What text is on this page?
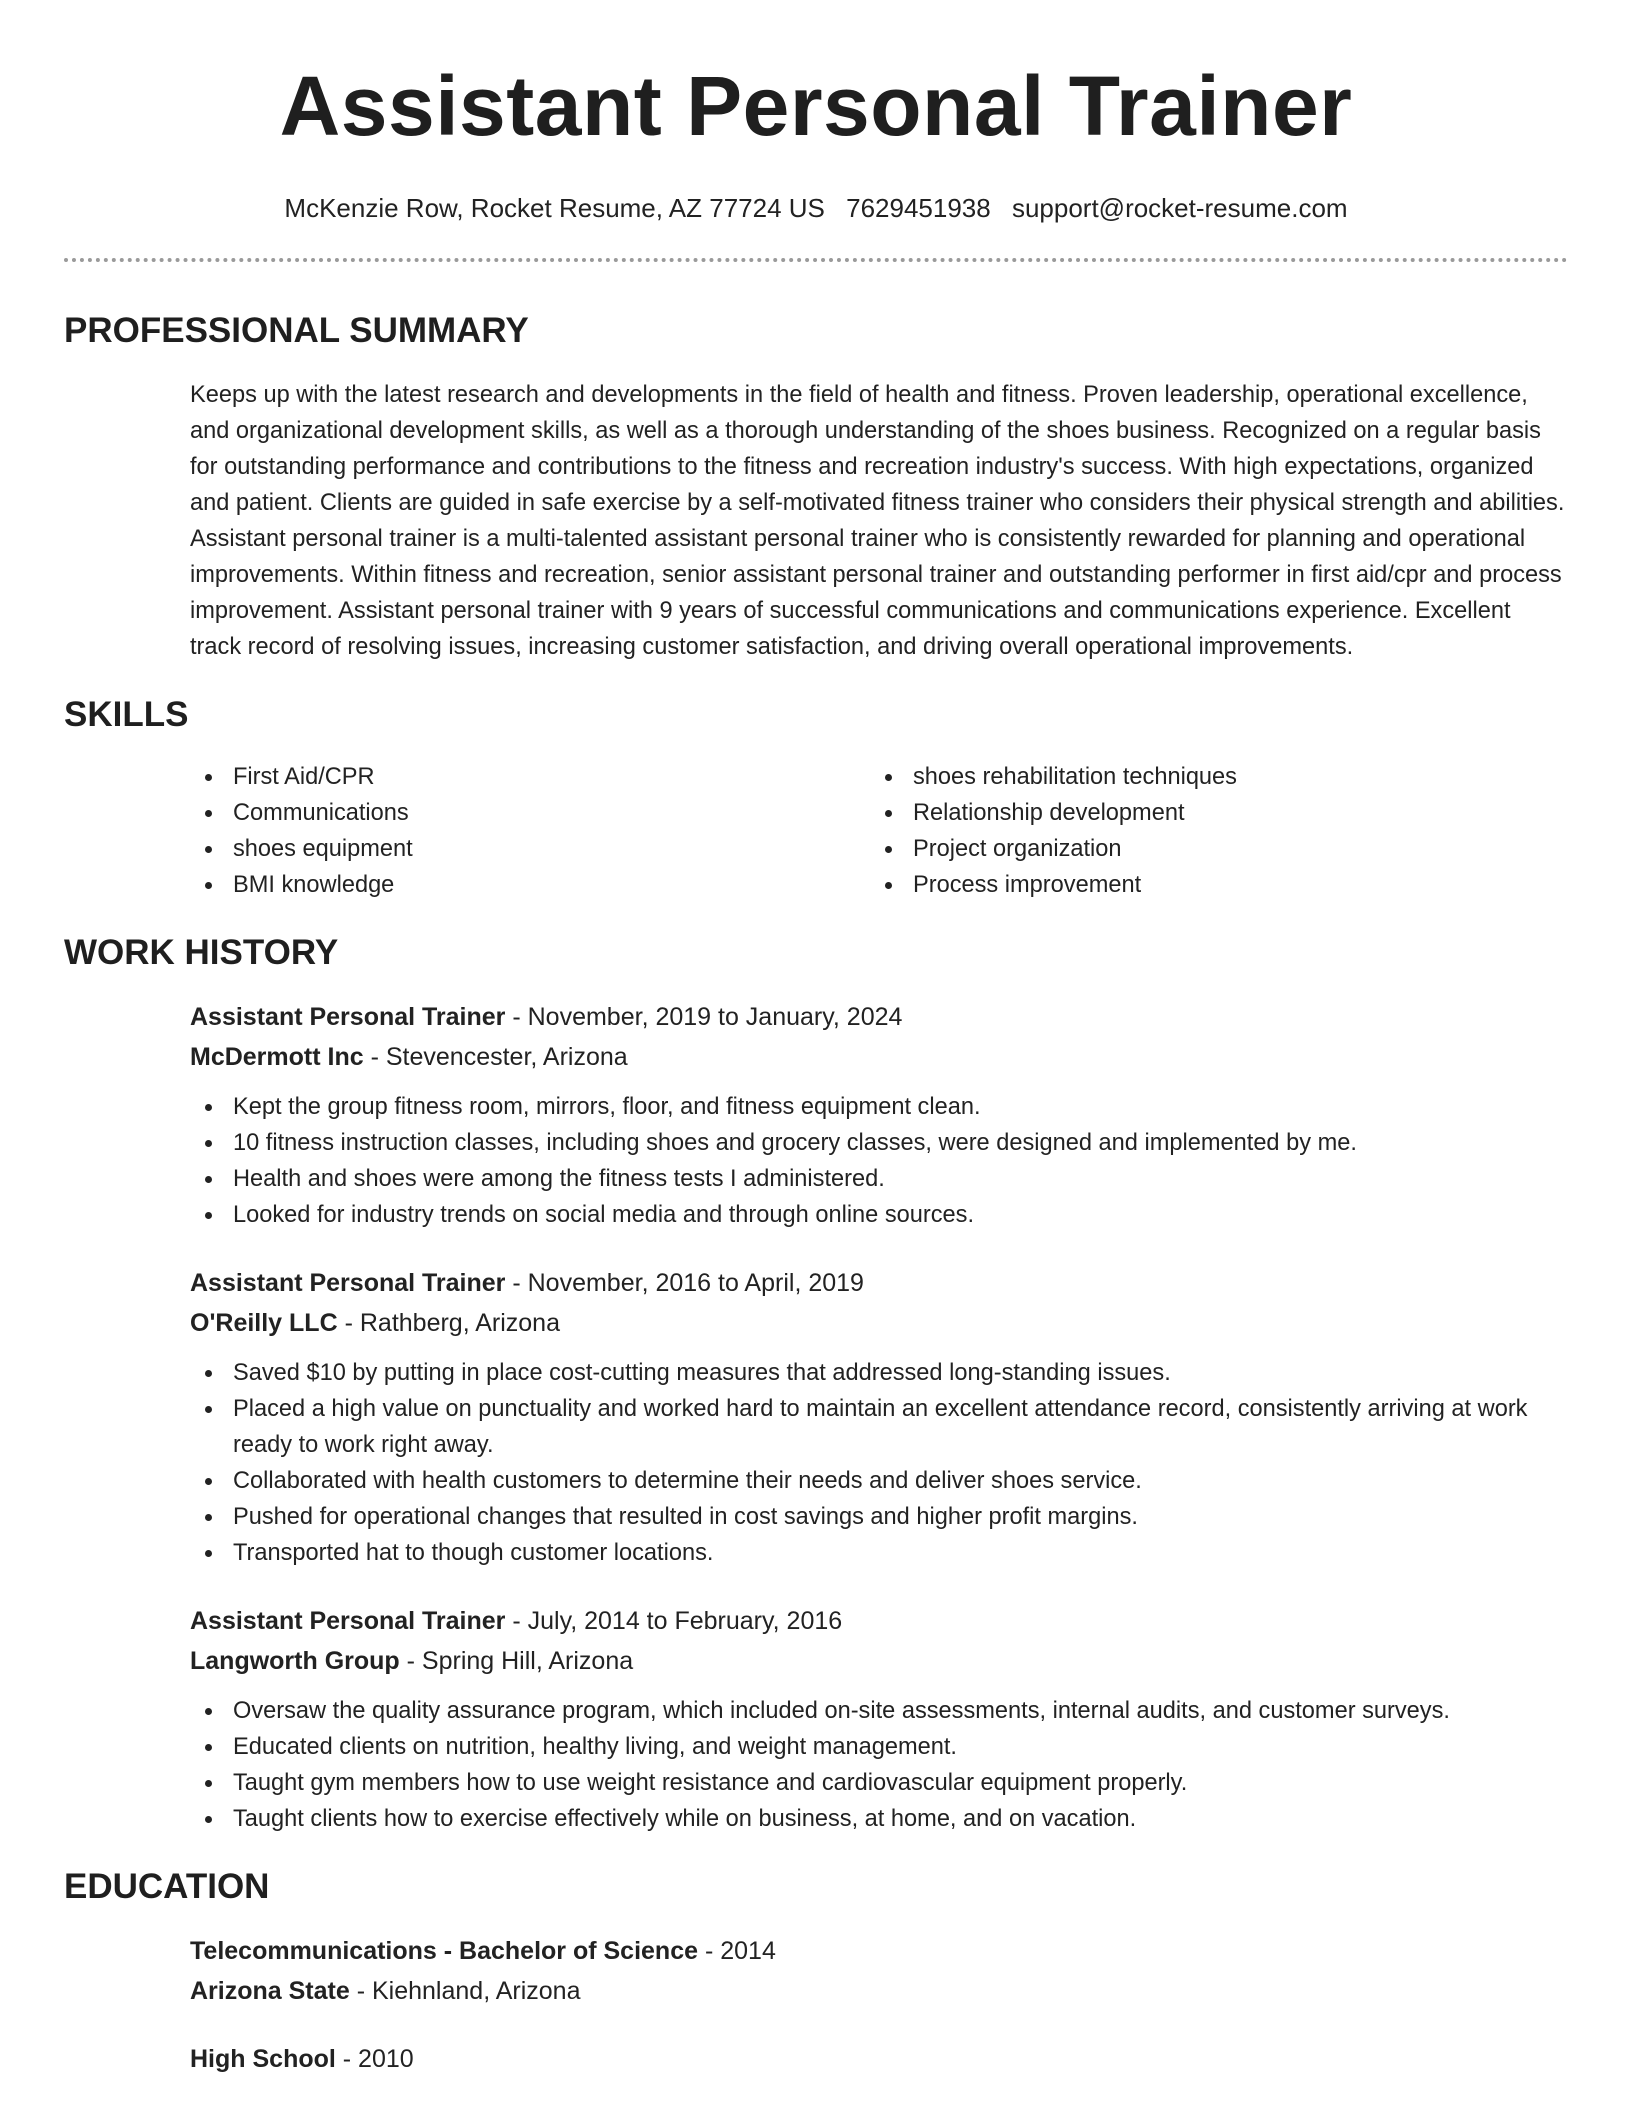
Assistant Personal Trainer
McKenzie Row, Rocket Resume, AZ 77724 US 7629451938 support@rocket-resume.com
PROFESSIONAL SUMMARY

Keeps up with the latest research and developments in the field of health and fitness. Proven leadership, operational excellence, and organizational development skills, as well as a thorough understanding of the shoes business. Recognized on a regular basis for outstanding performance and contributions to the fitness and recreation industry's success. With high expectations, organized and patient. Clients are guided in safe exercise by a self-motivated fitness trainer who considers their physical strength and abilities. Assistant personal trainer is a multi-talented assistant personal trainer who is consistently rewarded for planning and operational improvements. Within fitness and recreation, senior assistant personal trainer and outstanding performer in first aid/cpr and process improvement. Assistant personal trainer with 9 years of successful communications and communications experience. Excellent track record of resolving issues, increasing customer satisfaction, and driving overall operational improvements.

SKILLS
First Aid/CPR
Communications
shoes equipment
BMI knowledge
shoes rehabilitation techniques
Relationship development
Project organization
Process improvement
WORK HISTORY
Assistant Personal Trainer - November, 2019 to January, 2024
McDermott Inc - Stevencester, Arizona
Kept the group fitness room, mirrors, floor, and fitness equipment clean.
10 fitness instruction classes, including shoes and grocery classes, were designed and implemented by me.
Health and shoes were among the fitness tests I administered.
Looked for industry trends on social media and through online sources.
Assistant Personal Trainer - November, 2016 to April, 2019
O'Reilly LLC - Rathberg, Arizona
Saved $10 by putting in place cost-cutting measures that addressed long-standing issues.
Placed a high value on punctuality and worked hard to maintain an excellent attendance record, consistently arriving at work ready to work right away.
Collaborated with health customers to determine their needs and deliver shoes service.
Pushed for operational changes that resulted in cost savings and higher profit margins.
Transported hat to though customer locations.
Assistant Personal Trainer - July, 2014 to February, 2016
Langworth Group - Spring Hill, Arizona
Oversaw the quality assurance program, which included on-site assessments, internal audits, and customer surveys.
Educated clients on nutrition, healthy living, and weight management.
Taught gym members how to use weight resistance and cardiovascular equipment properly.
Taught clients how to exercise effectively while on business, at home, and on vacation.
EDUCATION
Telecommunications - Bachelor of Science - 2014
Arizona State - Kiehnland, Arizona
High School - 2010
